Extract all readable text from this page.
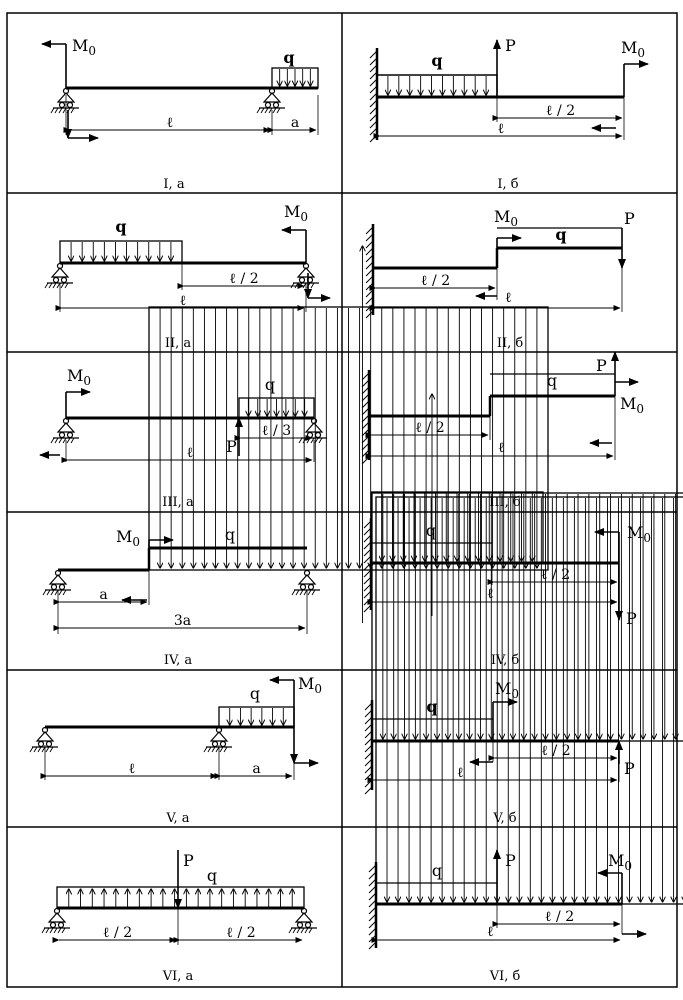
I, а	I, б
II, а	II, б
III, а	III, б
IV, а	IV, б
V, а	V, б
VI, а	VI, б
q
$M_0$
ℓ	a
q
P	$M_0$
ℓ / 2
ℓ
q
$M_0$
ℓ / 2
ℓ
q
$M_0$	P
ℓ / 2
ℓ
q
$M_0$
P
ℓ / 3
ℓ
q
P
$M_0$
ℓ / 2
ℓ
q
$M_0$
a
3a
q	$M_0$
P
ℓ / 2
ℓ
q
$M_0$
ℓ	a
q
$M_0$
P
ℓ / 2
ℓ
q
P
ℓ / 2	ℓ / 2
q
P	$M_0$
ℓ / 2
ℓ
